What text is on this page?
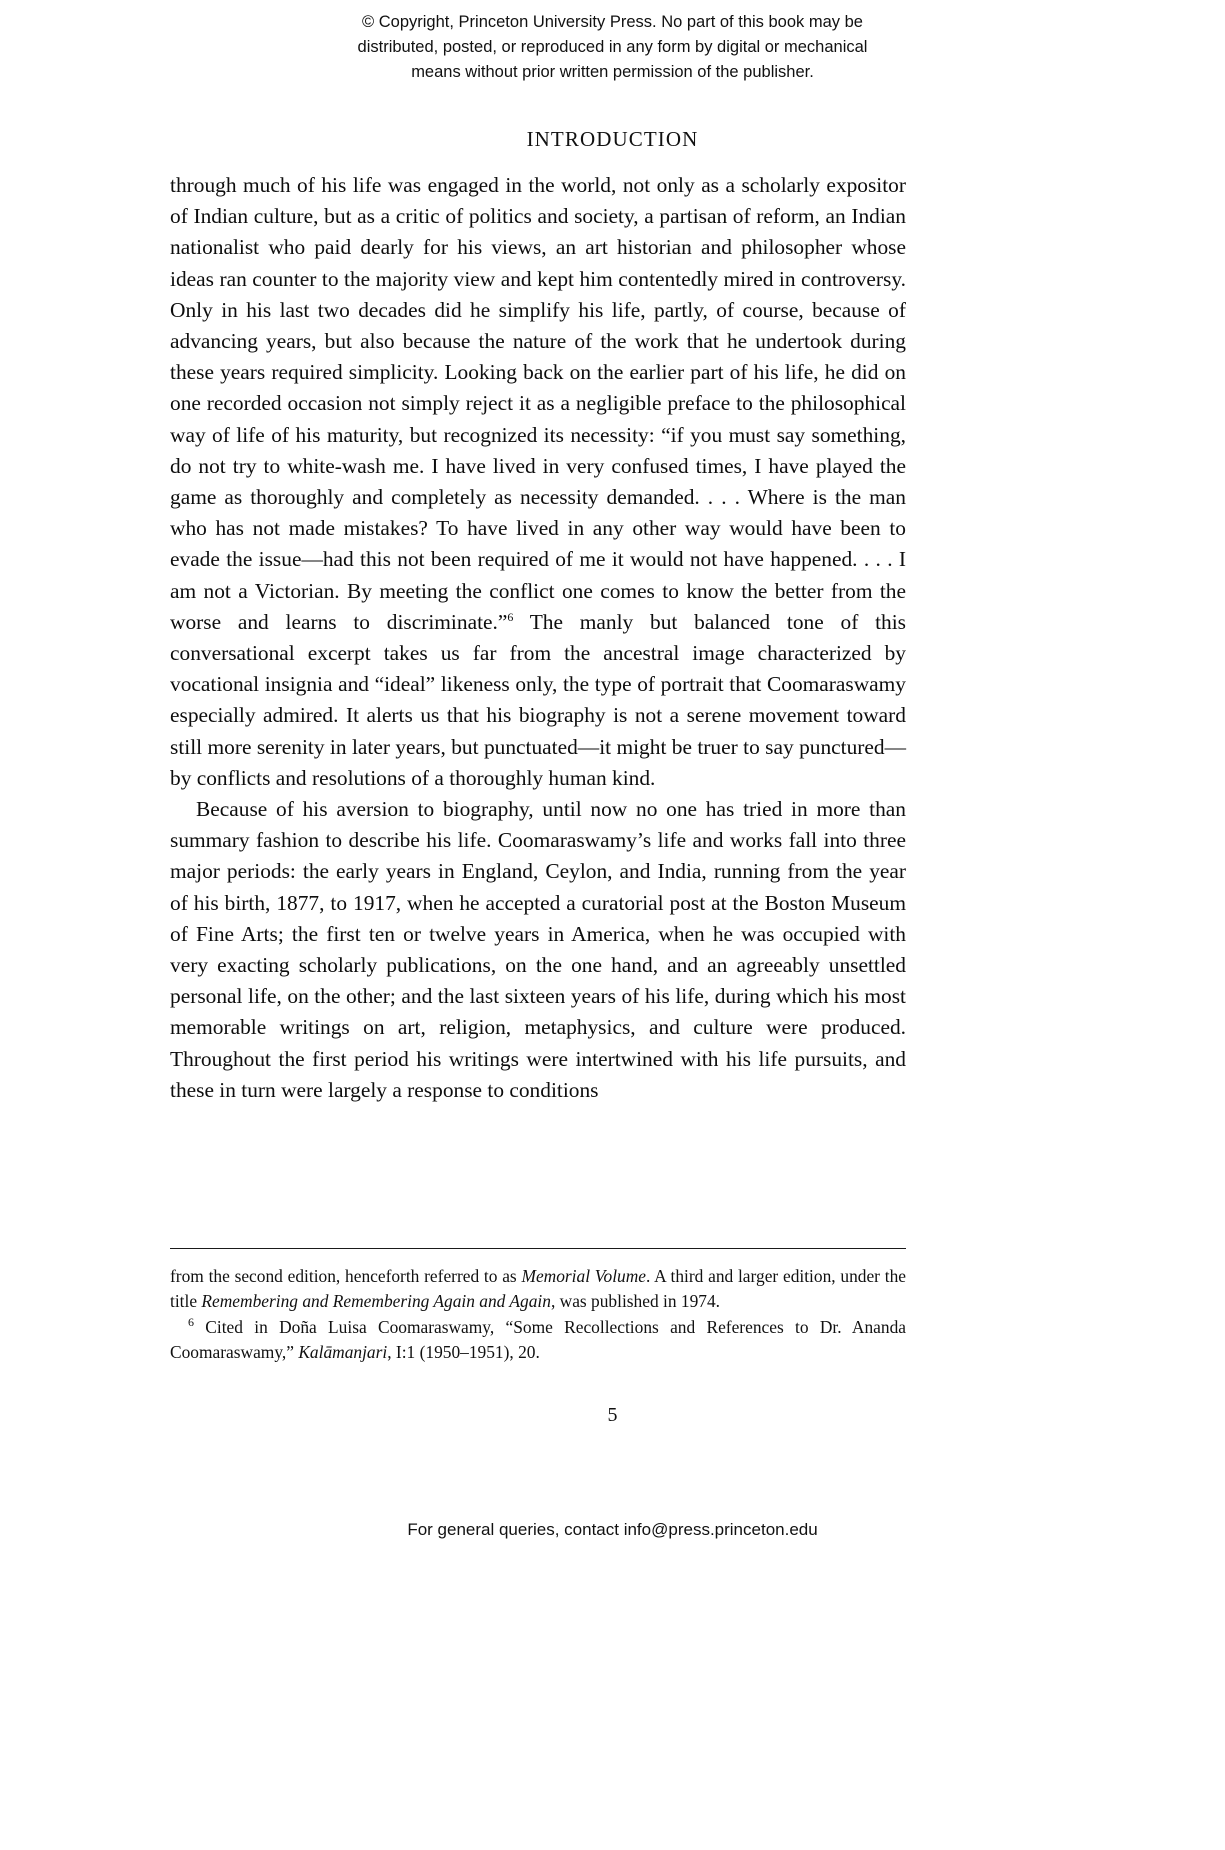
© Copyright, Princeton University Press. No part of this book may be
distributed, posted, or reproduced in any form by digital or mechanical
means without prior written permission of the publisher.
INTRODUCTION

through much of his life was engaged in the world, not only as a scholarly expositor of Indian culture, but as a critic of politics and society, a partisan of reform, an Indian nationalist who paid dearly for his views, an art historian and philosopher whose ideas ran counter to the majority view and kept him contentedly mired in controversy. Only in his last two decades did he simplify his life, partly, of course, because of advancing years, but also because the nature of the work that he undertook during these years required simplicity. Looking back on the earlier part of his life, he did on one recorded occasion not simply reject it as a negligible preface to the philosophical way of life of his maturity, but recognized its necessity: “if you must say something, do not try to white-wash me. I have lived in very confused times, I have played the game as thoroughly and completely as necessity demanded. . . . Where is the man who has not made mistakes? To have lived in any other way would have been to evade the issue—had this not been required of me it would not have happened. . . . I am not a Victorian. By meeting the conflict one comes to know the better from the worse and learns to discriminate.”$^6$ The manly but balanced tone of this conversational excerpt takes us far from the ancestral image characterized by vocational insignia and “ideal” likeness only, the type of portrait that Coomaraswamy especially admired. It alerts us that his biography is not a serene movement toward still more serenity in later years, but punctuated—it might be truer to say punctured—by conflicts and resolutions of a thoroughly human kind.

Because of his aversion to biography, until now no one has tried in more than summary fashion to describe his life. Coomaraswamy’s life and works fall into three major periods: the early years in England, Ceylon, and India, running from the year of his birth, 1877, to 1917, when he accepted a curatorial post at the Boston Museum of Fine Arts; the first ten or twelve years in America, when he was occupied with very exacting scholarly publications, on the one hand, and an agreeably unsettled personal life, on the other; and the last sixteen years of his life, during which his most memorable writings on art, religion, metaphysics, and culture were produced. Throughout the first period his writings were intertwined with his life pursuits, and these in turn were largely a response to conditions

from the second edition, henceforth referred to as Memorial Volume. A third and larger edition, under the title Remembering and Remembering Again and Again, was published in 1974.

$^6$ Cited in Doña Luisa Coomaraswamy, “Some Recollections and References to Dr. Ananda Coomaraswamy,” Kalāmanjari, I:1 (1950–1951), 20.

5
For general queries, contact info@press.princeton.edu
